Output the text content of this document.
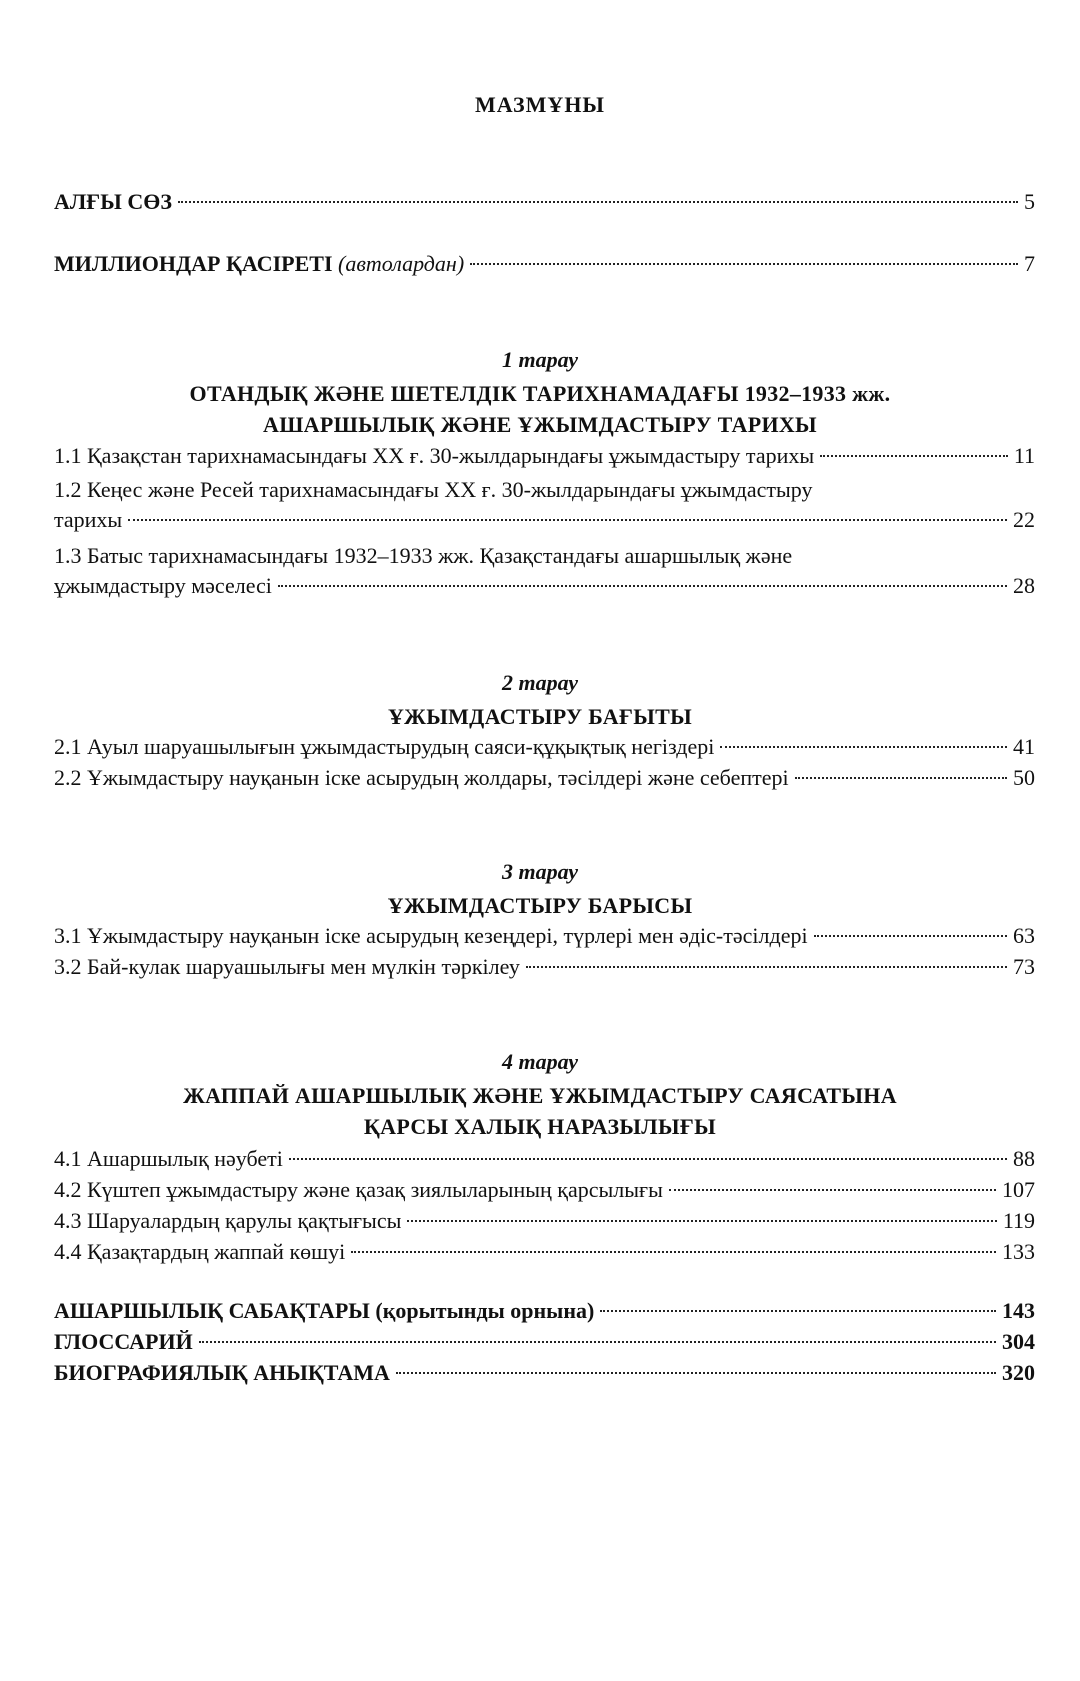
МАЗМҰНЫ
АЛҒЫ СӨЗ	5
МИЛЛИОНДАР ҚАСІРЕТІ (автолардан)	7
1 тарау
ОТАНДЫҚ ЖӘНЕ ШЕТЕЛДІК ТАРИХНАМАДАҒЫ 1932–1933 жж.
АШАРШЫЛЫҚ ЖӘНЕ ҰЖЫМДАСТЫРУ ТАРИХЫ
1.1 Қазақстан тарихнамасындағы ХХ ғ. 30-жылдарындағы ұжымдастыру тарихы	11
1.2 Кеңес және Ресей тарихнамасындағы ХХ ғ. 30-жылдарындағы ұжымдастыру
тарихы	22
1.3 Батыс тарихнамасындағы 1932–1933 жж. Қазақстандағы ашаршылық және
ұжымдастыру мәселесі	28
2 тарау
ҰЖЫМДАСТЫРУ БАҒЫТЫ
2.1 Ауыл шаруашылығын ұжымдастырудың саяси-құқықтық негіздері	41
2.2 Ұжымдастыру науқанын іске асырудың жолдары, тәсілдері және себептері	50
3 тарау
ҰЖЫМДАСТЫРУ БАРЫСЫ
3.1 Ұжымдастыру науқанын іске асырудың кезеңдері, түрлері мен әдіс-тәсілдері	63
3.2 Бай-кулак шаруашылығы мен мүлкін тәркілеу	73
4 тарау
ЖАППАЙ АШАРШЫЛЫҚ ЖӘНЕ ҰЖЫМДАСТЫРУ САЯСАТЫНА
ҚАРСЫ ХАЛЫҚ НАРАЗЫЛЫҒЫ
4.1 Ашаршылық нәубеті	88
4.2 Күштеп ұжымдастыру және қазақ зиялыларының қарсылығы	107
4.3 Шаруалардың қарулы қақтығысы	119
4.4 Қазақтардың жаппай көшуі	133
АШАРШЫЛЫҚ САБАҚТАРЫ (қорытынды орнына)	143
ГЛОССАРИЙ	304
БИОГРАФИЯЛЫҚ АНЫҚТАМА	320
